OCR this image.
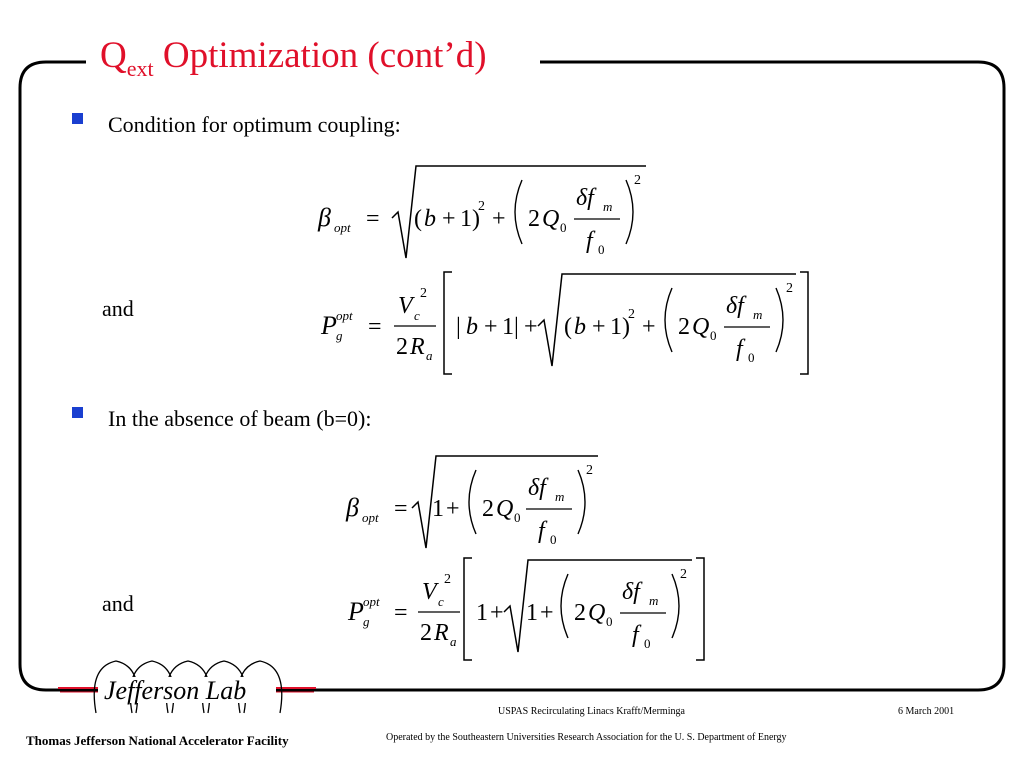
$Q_{ext}$ Optimization (cont’d)
Condition for optimum coupling:
β opt = ( b + 1)
2 + 2 Q 0
δf m
f 0
2
and
P opt
g =
V 2
c
2 R a
| b + 1| + ( b + 1)
2 + 2 Q 0
δf m
f 0
2
In the absence of beam (b=0):
β opt = 1 + 2 Q 0
δf m
f 0
2
and	P opt
g =
V 2
c
2 R a
1 + 1 + 2 Q 0
δf m
f 0
2
Jefferson Lab
USPAS Recirculating Linacs Krafft/Merminga	6 March 2001
Operated by the Southeastern Universities Research Association for the U. S. Department of Energy
Thomas Jefferson National Accelerator Facility
